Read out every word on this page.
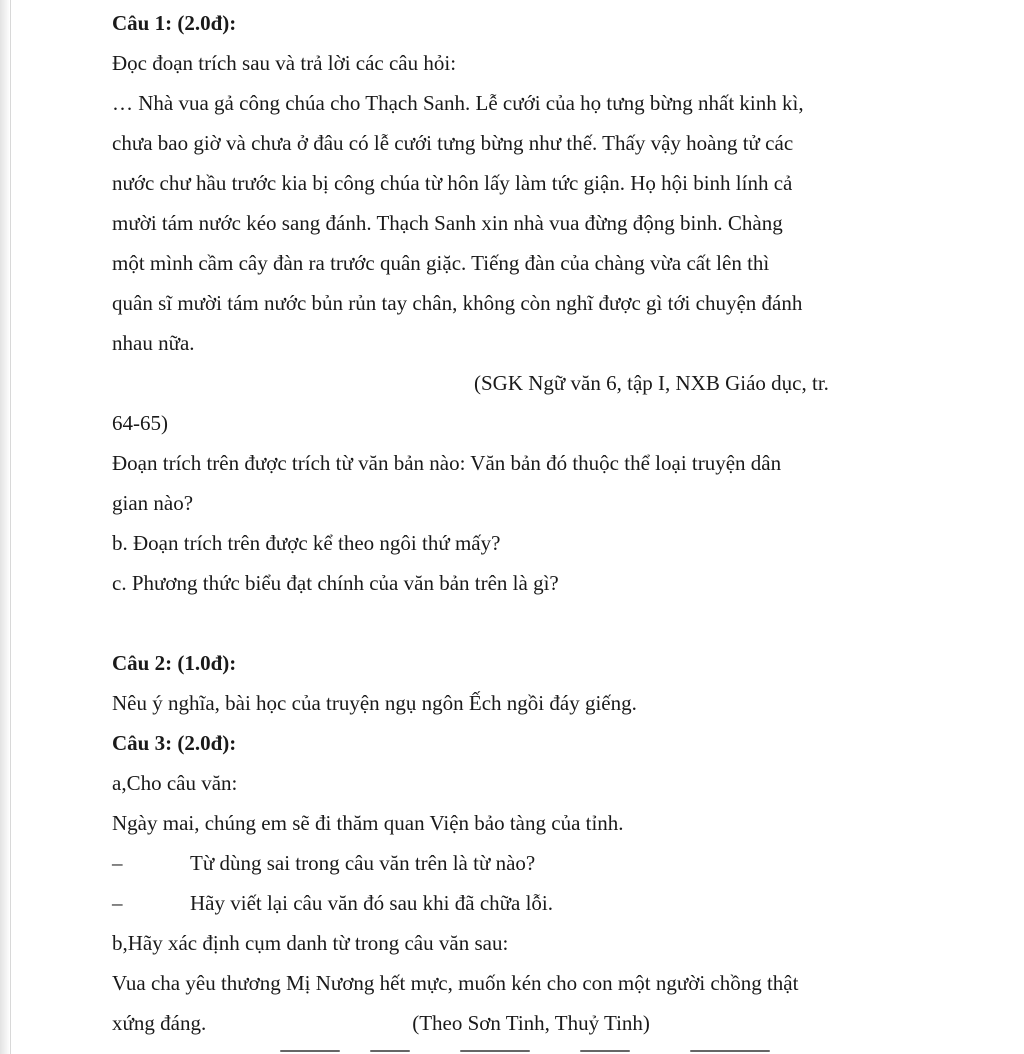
Câu 1: (2.0đ):
Đọc đoạn trích sau và trả lời các câu hỏi:
… Nhà vua gả công chúa cho Thạch Sanh. Lễ cưới của họ tưng bừng nhất kinh kì,
chưa bao giờ và chưa ở đâu có lễ cưới tưng bừng như thế. Thấy vậy hoàng tử các
nước chư hầu trước kia bị công chúa từ hôn lấy làm tức giận. Họ hội binh lính cả
mười tám nước kéo sang đánh. Thạch Sanh xin nhà vua đừng động binh. Chàng
một mình cầm cây đàn ra trước quân giặc. Tiếng đàn của chàng vừa cất lên thì
quân sĩ mười tám nước bủn rủn tay chân, không còn nghĩ được gì tới chuyện đánh
nhau nữa.
(SGK Ngữ văn 6, tập I, NXB Giáo dục, tr.
64-65)
Đoạn trích trên được trích từ văn bản nào: Văn bản đó thuộc thể loại truyện dân
gian nào?
b. Đoạn trích trên được kể theo ngôi thứ mấy?
c. Phương thức biểu đạt chính của văn bản trên là gì?
Câu 2: (1.0đ):
Nêu ý nghĩa, bài học của truyện ngụ ngôn Ếch ngồi đáy giếng.
Câu 3: (2.0đ):
a,Cho câu văn:
Ngày mai, chúng em sẽ đi thăm quan Viện bảo tàng của tỉnh.
–	Từ dùng sai trong câu văn trên là từ nào?
–	Hãy viết lại câu văn đó sau khi đã chữa lỗi.
b,Hãy xác định cụm danh từ trong câu văn sau:
Vua cha yêu thương Mị Nương hết mực, muốn kén cho con một người chồng thật
xứng đáng.	(Theo Sơn Tinh, Thuỷ Tinh)
